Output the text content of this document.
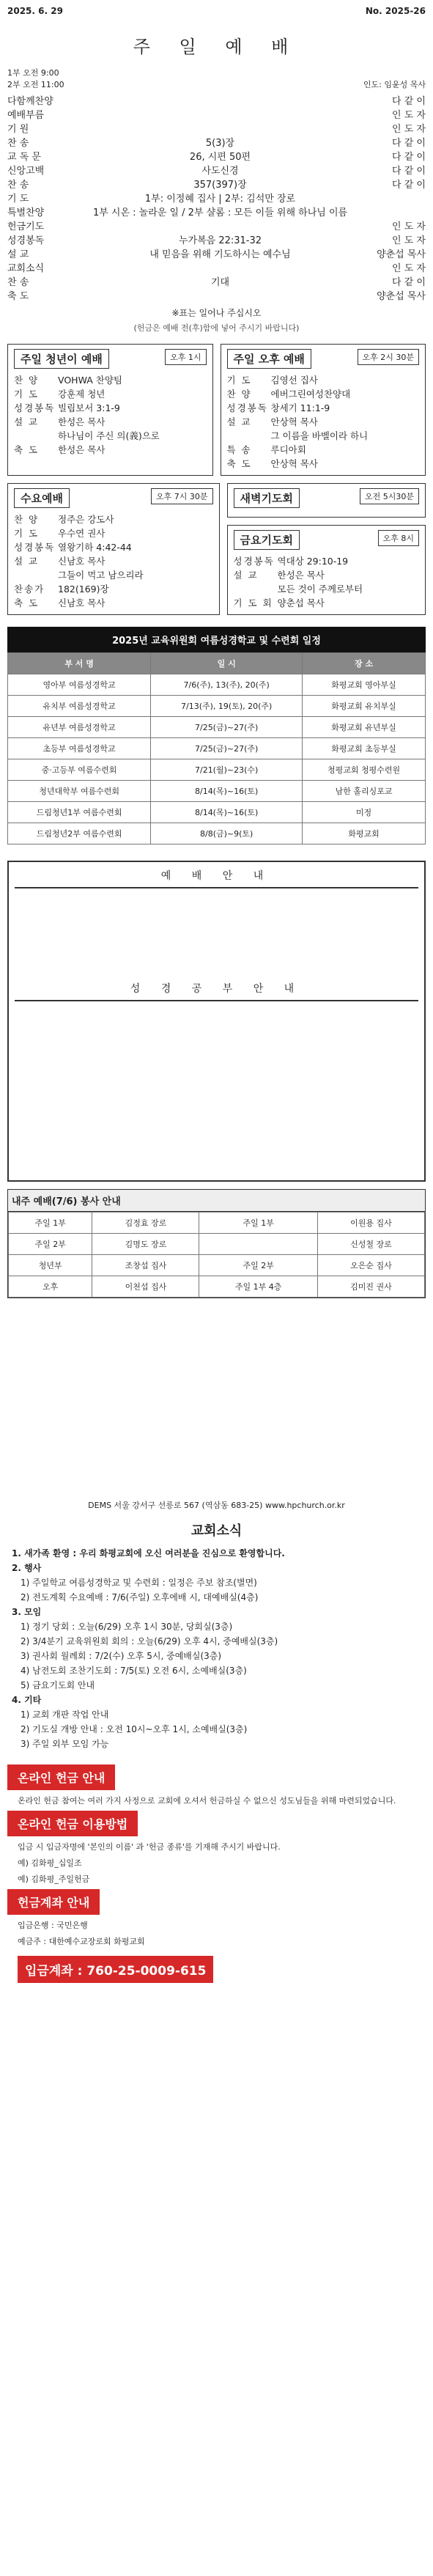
2025. 6. 29	No. 2025-26
주 일 예 배
1부 오전 9:00
2부 오전 11:00	인도: 임윤성 목사
다함께찬양	다 같 이
예배부름	인 도 자
기 원	인 도 자
찬 송	5(3)장	다 같 이
교 독 문	26, 시편 50편	다 같 이
신앙고백	사도신경	다 같 이
찬 송	357(397)장	다 같 이
기 도	1부: 이정혜 집사 | 2부: 김석만 장로
특별찬양	1부 시온 : 놀라운 일 / 2부 샬롬 : 모든 이들 위해 하나님 이름
헌금기도	인 도 자
성경봉독	누가복음 22:31-32	인 도 자
설 교	내 믿음을 위해 기도하시는 예수님	양춘섭 목사
교회소식	인 도 자
찬 송	기대	다 같 이
축 도	양춘섭 목사
※표는 일어나 주십시오
(헌금은 예배 전(후)함에 넣어 주시기 바랍니다)
주일 청년이 예배	오후 1시
찬 양	VOHWA 찬양팀
기 도	강훈제 청년
성경봉독 빌립보서 3:1-9
설 교	한성은 목사
하나님이 주신 의(義)으로
축 도	한성은 목사
주일 오후 예배	오후 2시 30분
기 도	김영선 집사
찬 양	에버그린여성찬양대
성경봉독 창세기 11:1-9
설 교	안상혁 목사
그 이름을 바벨이라 하니
특 송	루디아회
축 도	안상혁 목사
수요예배	오후 7시 30분
찬 양	정주은 강도사
기 도	우수연 권사
성경봉독 열왕기하 4:42-44
설 교	신남호 목사
그들이 먹고 남으리라
찬송가	182(169)장
축 도	신남호 목사
새벽기도회	오전 5시30분
금요기도회	오후 8시
성경봉독 역대상 29:10-19
설 교	한성은 목사
모든 것이 주께로부터
기 도 회 양춘섭 목사
2025년 교육위원회 여름성경학교 및 수련회 일정
부 서 명	일 시	장 소
영아부 여름성경학교	7/6(주), 13(주), 20(주)	화평교회 영아부실
유치부 여름성경학교	7/13(주), 19(토), 20(주)	화평교회 유치부실
유년부 여름성경학교	7/25(금)~27(주)	화평교회 유년부실
초등부 여름성경학교	7/25(금)~27(주)	화평교회 초등부실
중·고등부 여름수련회	7/21(월)~23(수)	청평교회 청평수련원
청년대학부 여름수련회	8/14(목)~16(토)	남한 홀리싱포교
드림청년1부 여름수련회	8/14(목)~16(토)	미정
드림청년2부 여름수련회	8/8(금)~9(토)	화평교회
예 배 안 내
성 경 공 부 안 내
내주 예배(7/6) 봉사 안내
주일 1부	김정효 장로	주일 1부	이원용 집사
주일 2부	김명도 장로		신성철 장로
청년부	조창섭 집사	주일 2부	오은순 집사
오후	이천섭 집사	주일 1부 4층	김미진 권사
DEMS 서울 강서구 선릉로 567 (역삼동 683-25) www.hpchurch.or.kr
교회소식
1. 새가족 환영 : 우리 화평교회에 오신 여러분을 진심으로 환영합니다.
2. 행사
1) 주일학교 여름성경학교 및 수련회 : 일정은 주보 참조(별면)
2) 전도계획 수요예배 : 7/6(주일) 오후에배 시, 대예배실(4층)
3. 모임
1) 정기 당회 : 오늘(6/29) 오후 1시 30분, 당회실(3층)
2) 3/4분기 교육위원회 회의 : 오늘(6/29) 오후 4시, 중예배실(3층)
3) 권사회 월례회 : 7/2(수) 오후 5시, 중예배실(3층)
4) 남전도회 조찬기도회 : 7/5(토) 오전 6시, 소예배실(3층)
5) 금요기도회 안내
4. 기타
1) 교회 개판 작업 안내
2) 기도실 개방 안내 : 오전 10시~오후 1시, 소예배실(3층)
3) 주일 외부 모임 가능
온라인 헌금 안내

온라인 헌금 참여는 여러 가지 사정으로 교회에 오셔서 헌금하실 수 없으신 성도님들을 위해 마련되었습니다.

온라인 헌금 이용방법

입금 시 입금자명에 '본인의 이름' 과 '헌금 종류'를 기재해 주시기 바랍니다.

예) 김화평_십일조

예) 김화평_주일헌금

헌금계좌 안내

입금은행 : 국민은행

예금주 : 대한예수교장로회 화평교회

입금계좌 : 760-25-0009-615
